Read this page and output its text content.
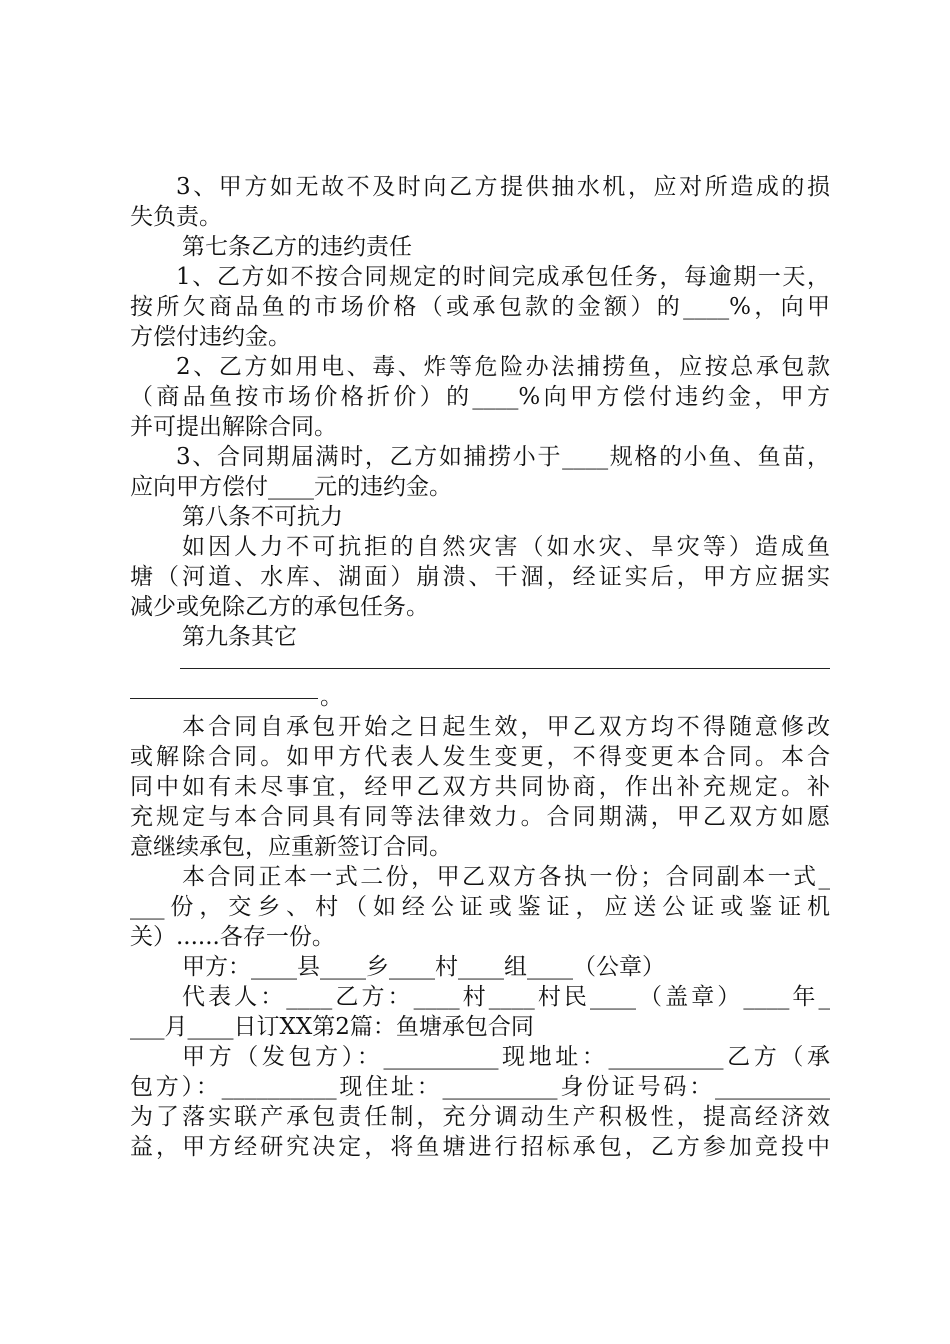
3、甲方如无故不及时向乙方提供抽水机，应对所造成的损
失负责。
第七条乙方的违约责任
1、乙方如不按合同规定的时间完成承包任务，每逾期一天，
按所欠商品鱼的市场价格（或承包款的金额）的____%，向甲
方偿付违约金。
2、乙方如用电、毒、炸等危险办法捕捞鱼，应按总承包款
（商品鱼按市场价格折价）的____%向甲方偿付违约金，甲方
并可提出解除合同。
3、合同期届满时，乙方如捕捞小于____规格的小鱼、鱼苗，
应向甲方偿付____元的违约金。
第八条不可抗力
如因人力不可抗拒的自然灾害（如水灾、旱灾等）造成鱼
塘（河道、水库、湖面）崩溃、干涸，经证实后，甲方应据实
减少或免除乙方的承包任务。
第九条其它
。
本合同自承包开始之日起生效，甲乙双方均不得随意修改
或解除合同。如甲方代表人发生变更，不得变更本合同。本合
同中如有未尽事宜，经甲乙双方共同协商，作出补充规定。补
充规定与本合同具有同等法律效力。合同期满，甲乙双方如愿
意继续承包，应重新签订合同。
本合同正本一式二份，甲乙双方各执一份；合同副本一式_
___份，交乡、村（如经公证或鉴证，应送公证或鉴证机
关）......各存一份。
甲方：____县____乡____村____组____（公章）
代表人：____乙方：____村____村民____（盖章）____年_
___月____日订XX第2篇：鱼塘承包合同
甲方（发包方）：__________现地址：__________乙方（承
包方）：__________现住址：__________身份证号码：__________
为了落实联产承包责任制，充分调动生产积极性，提高经济效
益，甲方经研究决定，将鱼塘进行招标承包，乙方参加竞投中
